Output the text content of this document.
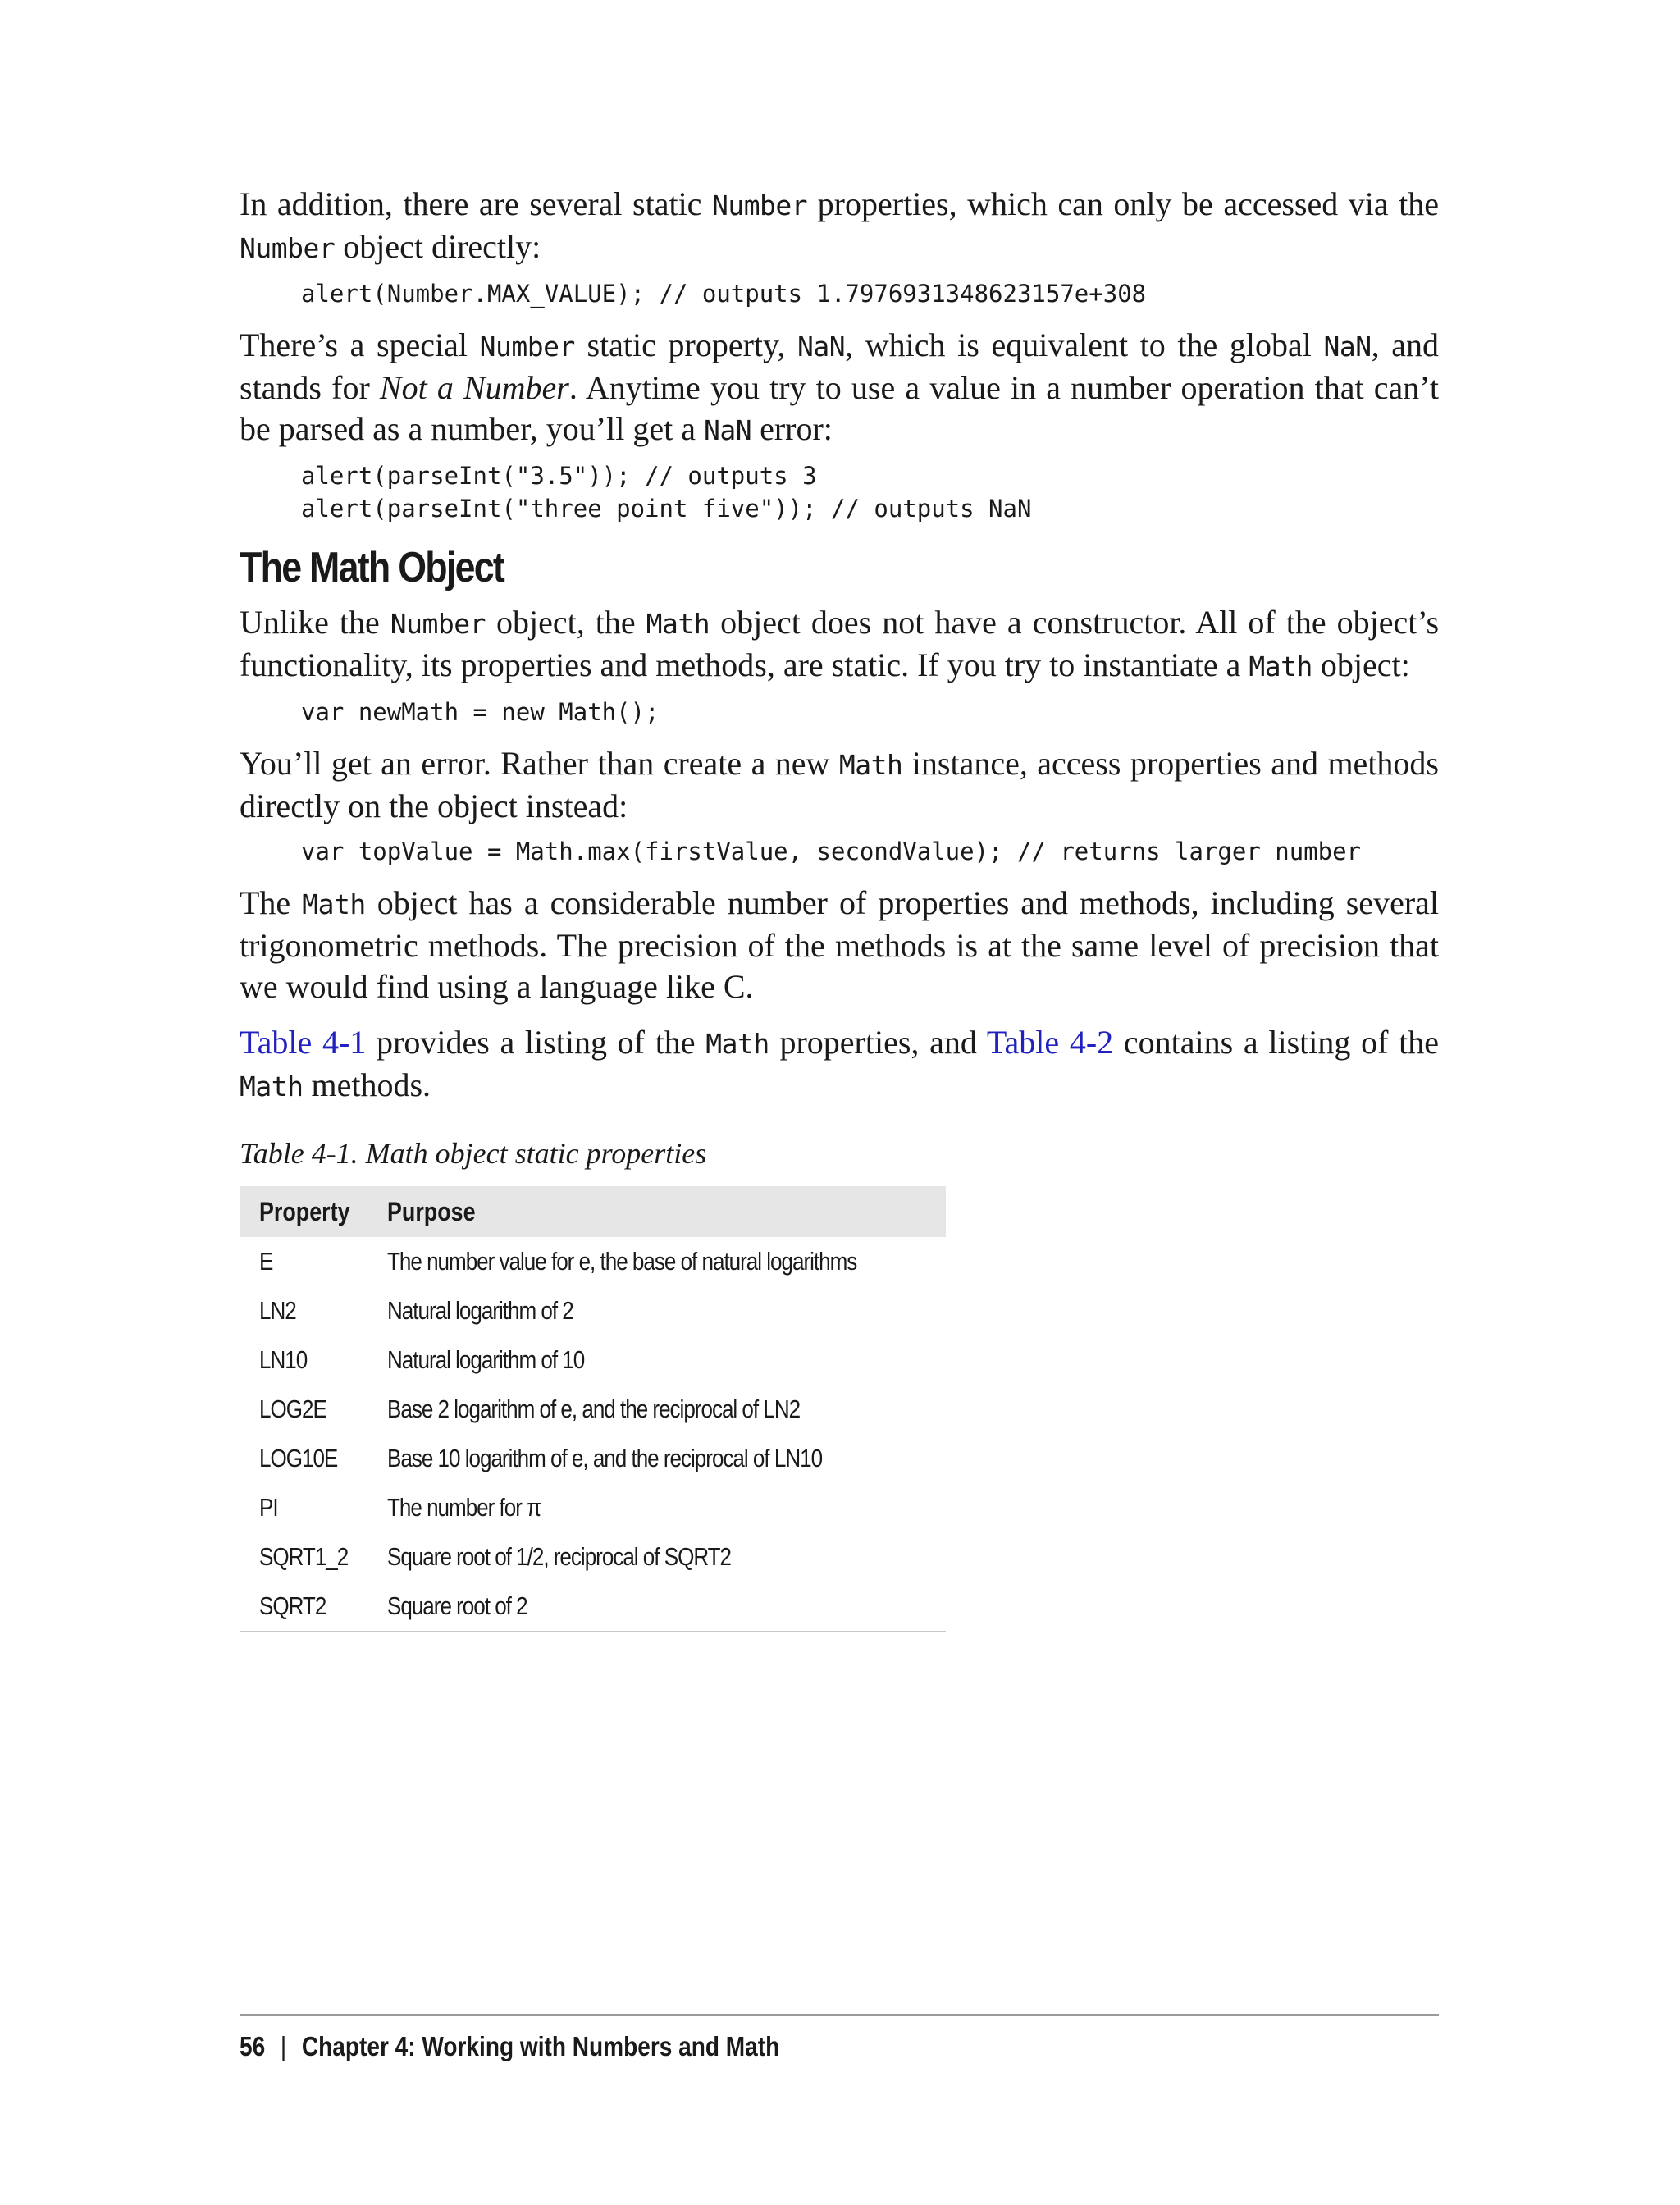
In addition, there are several static Number properties, which can only be accessed via the Number object directly:

alert(Number.MAX_VALUE); // outputs 1.7976931348623157e+308

There’s a special Number static property, NaN, which is equivalent to the global NaN, and stands for Not a Number. Anytime you try to use a value in a number operation that can’t be parsed as a number, you’ll get a NaN error:

alert(parseInt("3.5")); // outputs 3
alert(parseInt("three point five")); // outputs NaN
The Math Object

Unlike the Number object, the Math object does not have a constructor. All of the object’s functionality, its properties and methods, are static. If you try to instantiate a Math object:

var newMath = new Math();

You’ll get an error. Rather than create a new Math instance, access properties and methods directly on the object instead:

var topValue = Math.max(firstValue, secondValue); // returns larger number

The Math object has a considerable number of properties and methods, including several trigonometric methods. The precision of the methods is at the same level of precision that we would find using a language like C.

Table 4-1 provides a listing of the Math properties, and Table 4-2 contains a listing of the Math methods.

Table 4-1. Math object static properties

Property	Purpose
E	The number value for e, the base of natural logarithms
LN2	Natural logarithm of 2
LN10	Natural logarithm of 10
LOG2E	Base 2 logarithm of e, and the reciprocal of LN2
LOG10E	Base 10 logarithm of e, and the reciprocal of LN10
PI	The number for π
SQRT1_2	Square root of 1/2, reciprocal of SQRT2
SQRT2	Square root of 2
56 | Chapter 4: Working with Numbers and Math
